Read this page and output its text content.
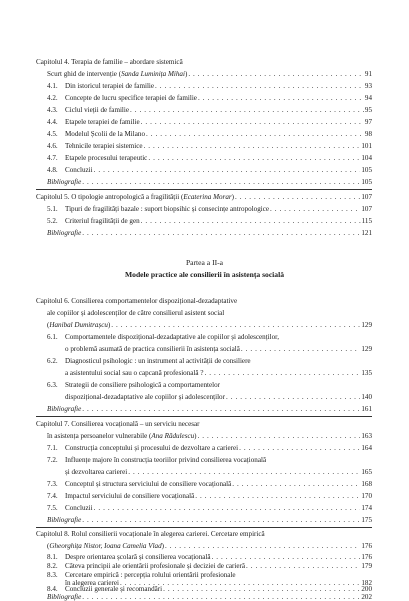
Capitolul 4. Terapia de familie – abordare sistemică
Scurt ghid de intervenție (Sanda Luminița Mihai) . . .	91
4.1. Din istoricul terapiei de familie . . .	93
4.2. Concepte de lucru specifice terapiei de familie . . .	94
4.3. Ciclul vieții de familie . . .	95
4.4. Etapele terapiei de familie . . .	97
4.5. Modelul Școlii de la Milano . . .	98
4.6. Tehnicile terapiei sistemice . . .	101
4.7. Etapele procesului terapeutic . . .	104
4.8. Concluzii . . .	105
Bibliografie . . .	105
Capitolul 5. O tipologie antropologică a fragilității (Ecaterina Morar) . . .	107
5.1. Tipuri de fragilități bazale : suport biopsihic și consecințe antropologice . . .	107
5.2. Criteriul fragilității de gen . . .	115
Bibliografie . . .	121
Partea a II-a
Modele practice ale consilierii în asistența socială
Capitolul 6. Consilierea comportamentelor dispozițional-dezadaptative
ale copiilor și adolescenților de către consilierul asistent social
(Hanibal Dumitrașcu) . . .	129
6.1. Comportamentele dispozițional-dezadaptative ale copiilor și adolescenților,
o problemă asumată de practica consilierii în asistența socială . . .	129
6.2. Diagnosticul psihologic : un instrument al activității de consiliere
a asistentului social sau o capcană profesională ? . . .	135
6.3. Strategii de consiliere psihologică a comportamentelor
dispozițional-dezadaptative ale copiilor și adolescenților . . .	140
Bibliografie . . .	161
Capitolul 7. Consilierea vocațională – un serviciu necesar
în asistența persoanelor vulnerabile (Ana Rădulescu) . . .	163
7.1. Construcția conceptului și procesului de dezvoltare a carierei . . .	164
7.2. Influențe majore în construcția teoriilor privind consilierea vocațională
și dezvoltarea carierei . . .	165
7.3. Conceptul și structura serviciului de consiliere vocațională . . .	168
7.4. Impactul serviciului de consiliere vocațională . . .	170
7.5. Concluzii . . .	174
Bibliografie . . .	175
Capitolul 8. Rolul consilierii vocaționale în alegerea carierei. Cercetare empirică
(Gheorghița Nistor, Ioana Camelia Vlad) . . .	176
8.1. Despre orientarea școlară și consilierea vocațională . . .	176
8.2. Câteva principii ale orientării profesionale și deciziei de carieră . . .	179
8.3. Cercetare empirică : percepția rolului orientării profesionale
în alegerea carierei . . .	182
8.4. Concluzii generale și recomandări . . .	200
Bibliografie . . .	202
